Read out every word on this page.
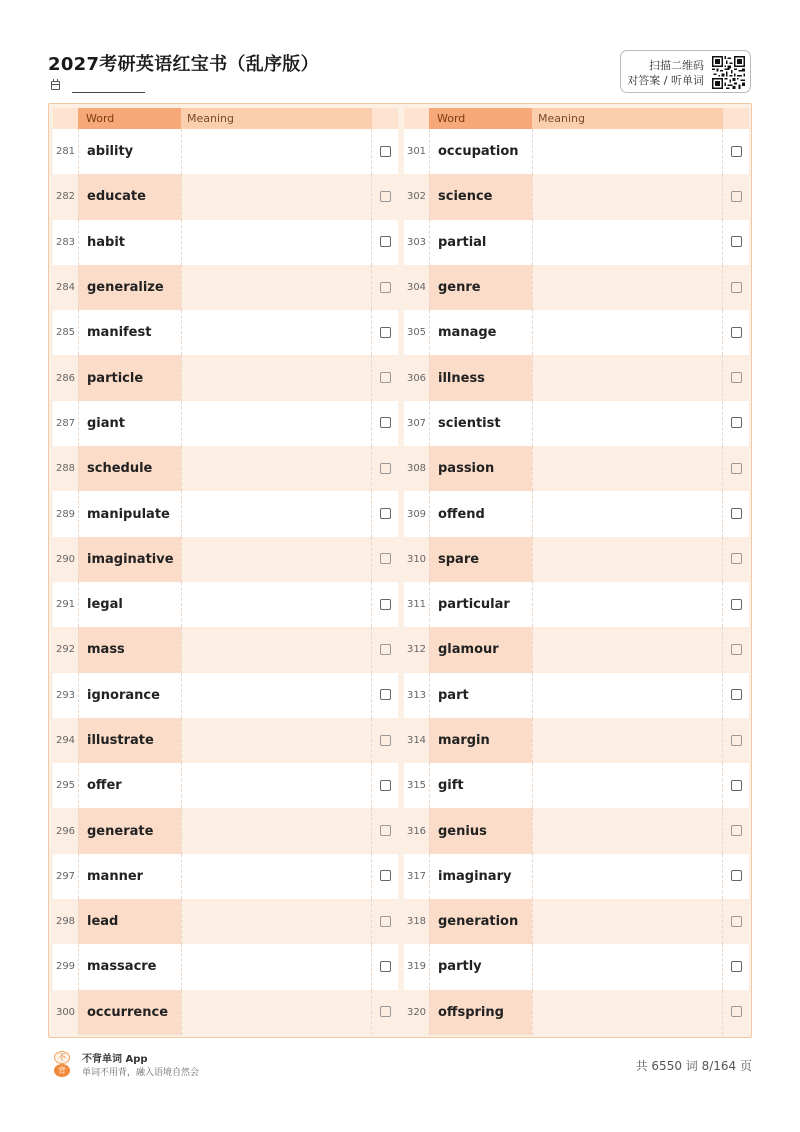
2027考研英语红宝书（乱序版）	扫描二维码
对答案 / 听单词
Word	Meaning
281 ability
282 educate
283 habit
284 generalize
285 manifest
286 particle
287 giant
288 schedule
289 manipulate
290 imaginative
291 legal
292 mass
293 ignorance
294 illustrate
295 offer
296 generate
297 manner
298 lead
299 massacre
300 occurrence
Word	Meaning
301 occupation
302 science
303 partial
304 genre
305 manage
306 illness
307 scientist
308 passion
309 offend
310 spare
311 particular
312 glamour
313 part
314 margin
315 gift
316 genius
317 imaginary
318 generation
319 partly
320 offspring
不
背
不背单词 App
单词不用背，融入语境自然会	共 6550 词 8/164 页
